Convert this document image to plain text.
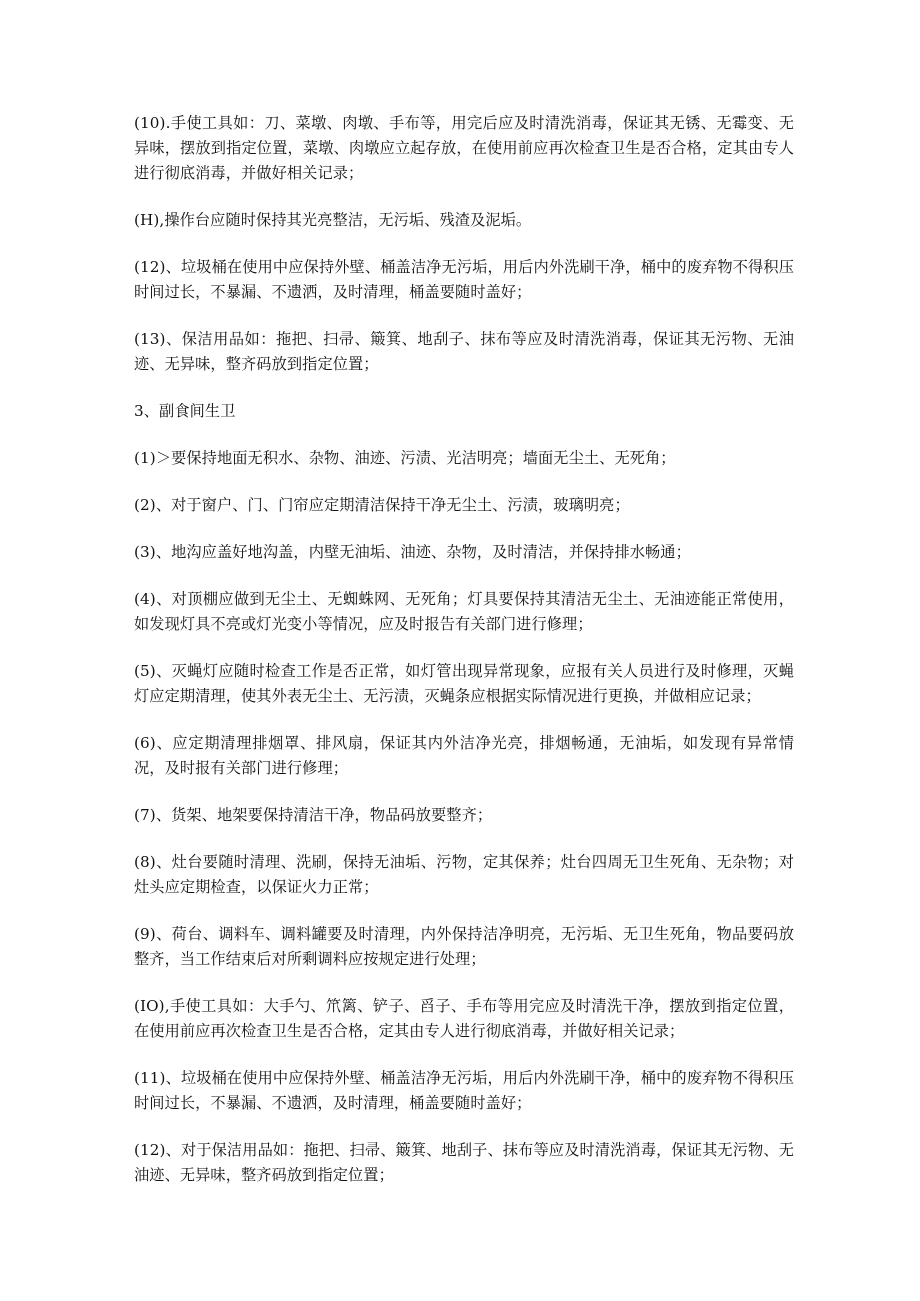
(10).手使工具如：刀、菜墩、肉墩、手布等，用完后应及时清洗消毒，保证其无锈、无霉变、无异味，摆放到指定位置，菜墩、肉墩应立起存放，在使用前应再次检查卫生是否合格，定其由专人进行彻底消毒，并做好相关记录；

(H),操作台应随时保持其光亮整洁，无污垢、残渣及泥垢。

(12)、垃圾桶在使用中应保持外壁、桶盖洁净无污垢，用后内外洗刷干净，桶中的废弃物不得积压时间过长，不暴漏、不遗洒，及时清理，桶盖要随时盖好；

(13)、保洁用品如：拖把、扫帚、簸箕、地刮子、抹布等应及时清洗消毒，保证其无污物、无油迹、无异味，整齐码放到指定位置；

3、副食间生卫

(1)＞要保持地面无积水、杂物、油迹、污渍、光洁明亮；墙面无尘土、无死角；

(2)、对于窗户、门、门帘应定期清洁保持干净无尘土、污渍，玻璃明亮；

(3)、地沟应盖好地沟盖，内壁无油垢、油迹、杂物，及时清洁，并保持排水畅通；

(4)、对顶棚应做到无尘土、无蜘蛛网、无死角；灯具要保持其清洁无尘土、无油迹能正常使用，如发现灯具不亮或灯光变小等情况，应及时报告有关部门进行修理；

(5)、灭蝇灯应随时检查工作是否正常，如灯管出现异常现象，应报有关人员进行及时修理，灭蝇灯应定期清理，使其外表无尘土、无污渍，灭蝇条应根据实际情况进行更换，并做相应记录；

(6)、应定期清理排烟罩、排风扇，保证其内外洁净光亮，排烟畅通，无油垢，如发现有异常情况，及时报有关部门进行修理；

(7)、货架、地架要保持清洁干净，物品码放要整齐；

(8)、灶台要随时清理、洗刷，保持无油垢、污物，定其保养；灶台四周无卫生死角、无杂物；对灶头应定期检查，以保证火力正常；

(9)、荷台、调料车、调料罐要及时清理，内外保持洁净明亮，无污垢、无卫生死角，物品要码放整齐，当工作结束后对所剩调料应按规定进行处理；

(IO),手使工具如：大手勺、笊篱、铲子、舀子、手布等用完应及时清洗干净，摆放到指定位置，在使用前应再次检查卫生是否合格，定其由专人进行彻底消毒，并做好相关记录；

(11)、垃圾桶在使用中应保持外壁、桶盖洁净无污垢，用后内外洗刷干净，桶中的废弃物不得积压时间过长，不暴漏、不遗洒，及时清理，桶盖要随时盖好；

(12)、对于保洁用品如：拖把、扫帚、簸箕、地刮子、抹布等应及时清洗消毒，保证其无污物、无油迹、无异味，整齐码放到指定位置；
